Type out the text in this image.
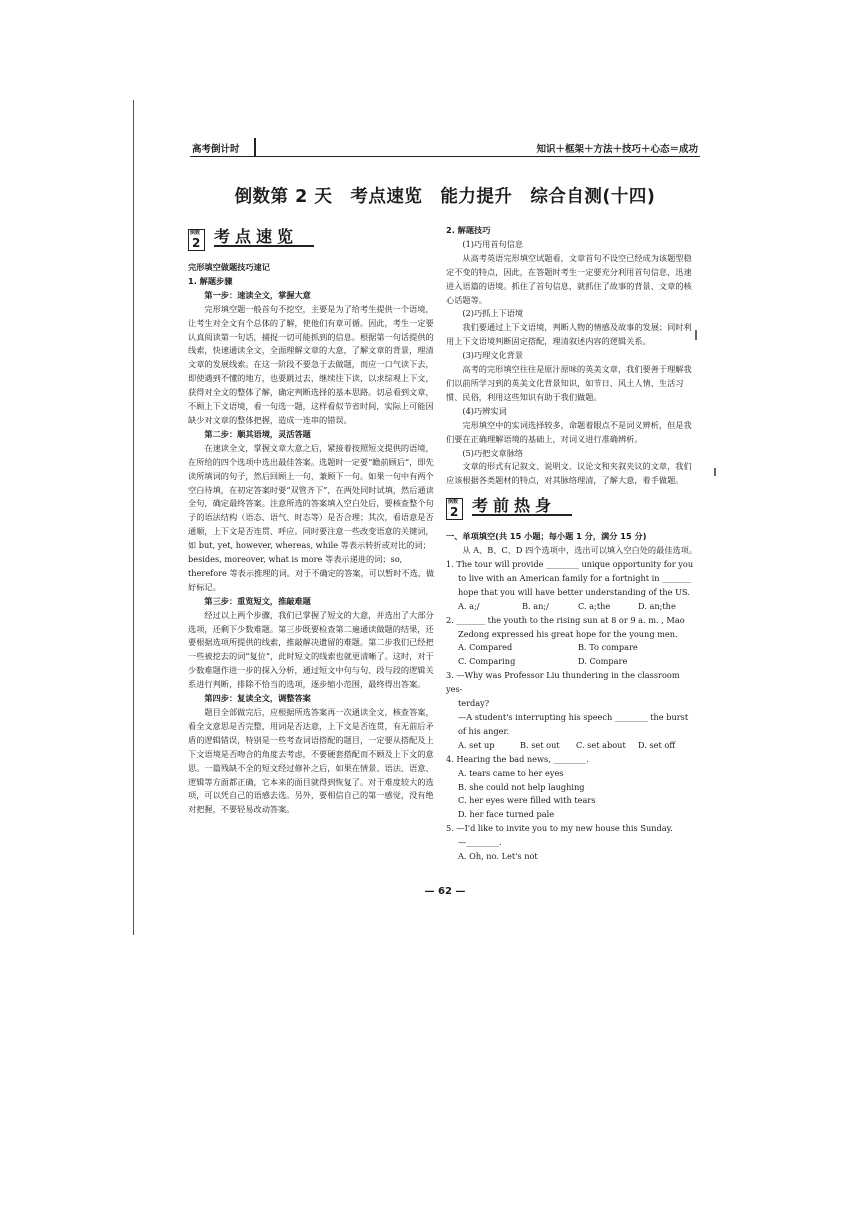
高考倒计时	知识＋框架＋方法＋技巧＋心态＝成功
倒数第 2 天　考点速览　能力提升　综合自测(十四)
倒数
2 考点速览

完形填空做题技巧速记

1. 解题步骤

第一步：速读全文，掌握大意

完形填空题一般首句不挖空，主要是为了给考生提供一个语境，让考生对全文有个总体的了解，使他们有章可循。因此，考生一定要认真阅读第一句话，捕捉一切可能抓到的信息。根据第一句话提供的线索，快速通读全文，全面理解文章的大意，了解文章的背景，理清文章的发展线索。在这一阶段不要急于去做题，而应一口气读下去，即使遇到不懂的地方，也要跳过去，继续往下读，以求综观上下文，获得对全文的整体了解，确定判断选择的基本思路。切忌看到文章，不顾上下文语境，看一句选一题，这样看似节省时间，实际上可能因缺少对文章的整体把握，造成一连串的错误。

第二步：顺其语境，灵活答题

在速读全文，掌握文章大意之后，紧接着按照短文提供的语境，在所给的四个选项中选出最佳答案。选题时一定要“瞻前顾后”，即先读所填词的句子，然后回顾上一句，兼顾下一句。如果一句中有两个空白待填，在初定答案时要“双管齐下”，在两处同时试填，然后通读全句，确定最终答案。注意所选的答案填入空白处后，要核查整个句子的语法结构（语态、语气、时态等）是否合理；其次，看语意是否通顺，上下文是否连贯、呼应。同时要注意一些改变语意的关键词，如 but, yet, however, whereas, while 等表示转折或对比的词；besides, moreover, what is more 等表示递进的词；so, therefore 等表示推理的词。对于不确定的答案，可以暂时不选，做好标记。

第三步：重览短文，推敲难题

经过以上两个步骤，我们已掌握了短文的大意，并选出了大部分选项，还剩下少数难题。第三步既要检查第二遍通读做题的结果，还要根据选项所提供的线索，推敲解决遗留的难题。第二步我们已经把一些被挖去的词“复位”，此时短文的线索也就更清晰了。这时，对于少数难题作进一步的探入分析，通过短文中句与句、段与段的逻辑关系进行判断，排除不恰当的选项，逐步缩小范围，最终得出答案。

第四步：复读全文，调整答案

题目全部做完后，应根据所选答案再一次通读全文，核查答案，看全文意思是否完整，用词是否达意，上下文是否连贯，有无前后矛盾的逻辑错误，特别是一些考查词语搭配的题目，一定要从搭配及上下文语境是否吻合的角度去考虑，不要硬套搭配而不顾及上下文的意思。一篇残缺不全的短文经过修补之后，如果在情景、语法、语意、逻辑等方面都正确，它本来的面目就得到恢复了。对于难度较大的选项，可以凭自己的语感去选。另外，要相信自己的第一感觉，没有绝对把握，不要轻易改动答案。

2. 解题技巧

(1)巧用首句信息

从高考英语完形填空试题看，文章首句不设空已经成为该题型稳定不变的特点，因此，在答题时考生一定要充分利用首句信息，迅速进入语篇的语境。抓住了首句信息，就抓住了故事的背景、文章的核心话题等。

(2)巧抓上下语境

我们要通过上下文语境，判断人物的情感及故事的发展；同时利用上下文语境判断固定搭配，理清叙述内容的逻辑关系。

(3)巧理文化背景

高考的完形填空往往是原汁原味的英美文章，我们要善于理解我们以前所学习到的英美文化背景知识，如节日、风土人情、生活习惯、民俗，利用这些知识有助于我们做题。

(4)巧辨实词

完形填空中的实词选择较多，命题着眼点不是词义辨析，但是我们要在正确理解语境的基础上，对词义进行准确辨析。

(5)巧把文章脉络

文章的形式有记叙文、说明文、议论文和夹叙夹议的文章，我们应该根据各类题材的特点，对其脉络理清，了解大意，着手做题。

倒数
2 考前热身

一、单项填空(共 15 小题；每小题 1 分，满分 15 分)

从 A、B、C、D 四个选项中，选出可以填入空白处的最佳选项。

1. The tour will provide ________ unique opportunity for you

to live with an American family for a fortnight in _______

hope that you will have better understanding of the US.

A. a;/	B. an;/	C. a;the	D. an;the

2. _______ the youth to the rising sun at 8 or 9 a. m. , Mao

Zedong expressed his great hope for the young men.

A. Compared	B. To compare
C. Comparing	D. Compare

3. —Why was Professor Liu thundering in the classroom yes-

terday?

—A student's interrupting his speech ________ the burst

of his anger.

A. set up	B. set out	C. set about	D. set off

4. Hearing the bad news, ________.

A. tears came to her eyes

B. she could not help laughing

C. her eyes were filled with tears

D. her face turned pale

5. —I'd like to invite you to my new house this Sunday.

—________.

A. Oh, no. Let's not

— 62 —
